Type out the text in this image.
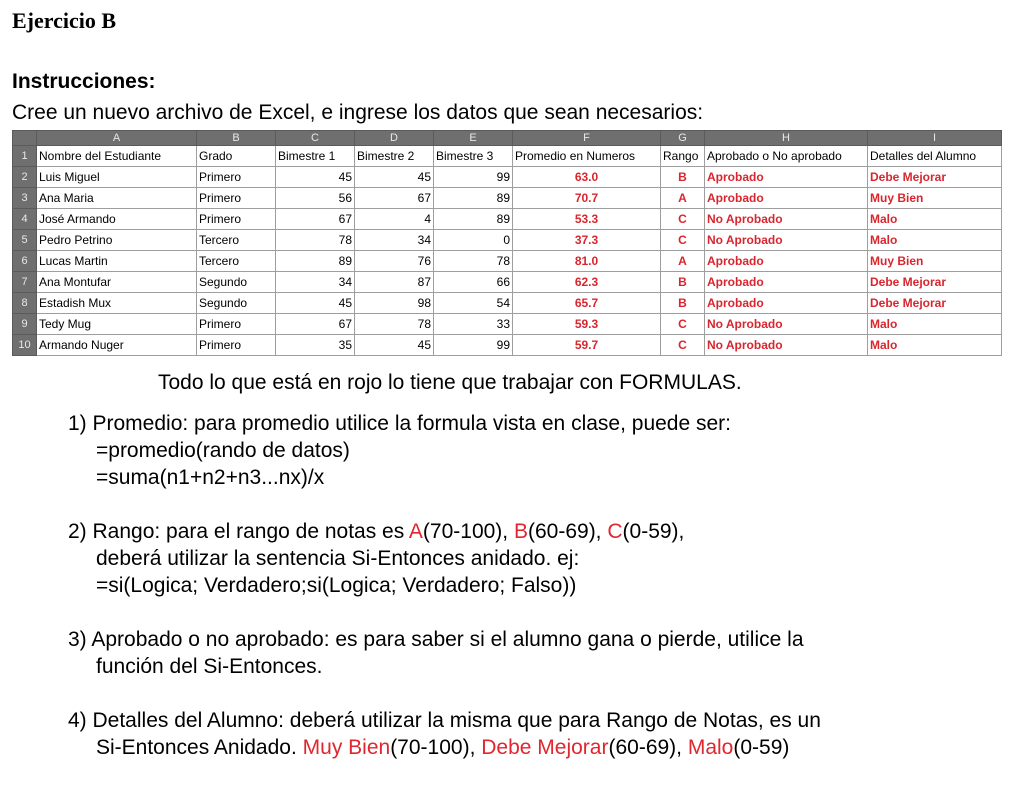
Ejercicio B
Instrucciones:
Cree un nuevo archivo de Excel, e ingrese los datos que sean necesarios:
	A	B	C	D	E	F	G	H	I
1	Nombre del Estudiante	Grado	Bimestre 1	Bimestre 2	Bimestre 3	Promedio en Numeros	Rango	Aprobado o No aprobado	Detalles del Alumno
2	Luis Miguel	Primero	45	45	99	63.0	B	Aprobado	Debe Mejorar
3	Ana Maria	Primero	56	67	89	70.7	A	Aprobado	Muy Bien
4	José Armando	Primero	67	4	89	53.3	C	No Aprobado	Malo
5	Pedro Petrino	Tercero	78	34	0	37.3	C	No Aprobado	Malo
6	Lucas Martin	Tercero	89	76	78	81.0	A	Aprobado	Muy Bien
7	Ana Montufar	Segundo	34	87	66	62.3	B	Aprobado	Debe Mejorar
8	Estadish Mux	Segundo	45	98	54	65.7	B	Aprobado	Debe Mejorar
9	Tedy Mug	Primero	67	78	33	59.3	C	No Aprobado	Malo
10	Armando Nuger	Primero	35	45	99	59.7	C	No Aprobado	Malo
Todo lo que está en rojo lo tiene que trabajar con FORMULAS.
1) Promedio: para promedio utilice la formula vista en clase, puede ser:
=promedio(rando de datos)
=suma(n1+n2+n3...nx)/x
2) Rango: para el rango de notas es A(70-100), B(60-69), C(0-59),
deberá utilizar la sentencia Si-Entonces anidado. ej:
=si(Logica; Verdadero;si(Logica; Verdadero; Falso))
3) Aprobado o no aprobado: es para saber si el alumno gana o pierde, utilice la
función del Si-Entonces.
4) Detalles del Alumno: deberá utilizar la misma que para Rango de Notas, es un
Si-Entonces Anidado. Muy Bien(70-100), Debe Mejorar(60-69), Malo(0-59)
